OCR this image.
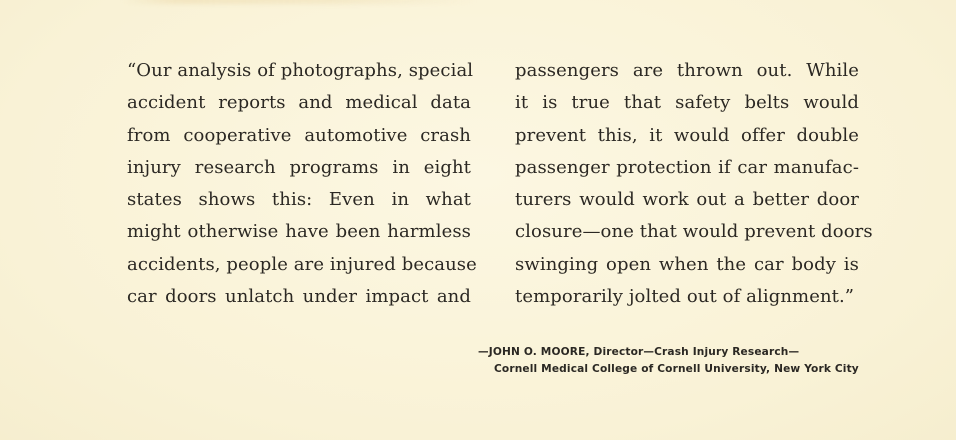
“Our analysis of photographs, special
accident reports and medical data
from cooperative automotive crash
injury research programs in eight
states shows this: Even in what
might otherwise have been harmless
accidents, people are injured because
car doors unlatch under impact and
passengers are thrown out. While
it is true that safety belts would
prevent this, it would offer double
passenger protection if car manufac-
turers would work out a better door
closure—one that would prevent doors
swinging open when the car body is
temporarily jolted out of alignment.”
—JOHN O. MOORE, Director—Crash Injury Research—
Cornell Medical College of Cornell University, New York City
